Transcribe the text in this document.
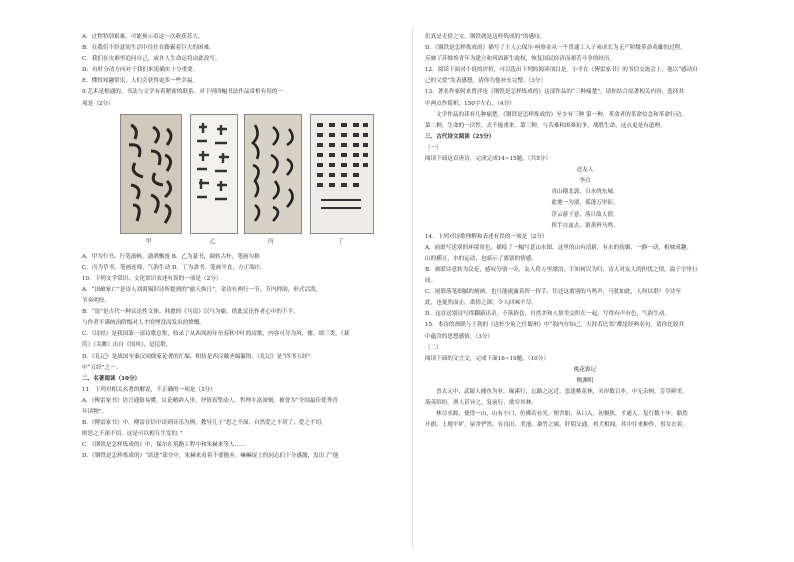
A．过程特别艰难，可能预示着这一次收获甚大。
B．在我们不经意间生活中往往在路霸着巨大的困难。
C．我们在灾难里追问自己，或许人生命运将由此改写。
D．有时分清方向对于我们来说确实十分重要。
E．懂得知趣常乐，人们会获得更多一些幸福。
9.艺术是相通的，书法与文学有着紧密的联系。对下列四幅书法作品赏析有误的一
项是（2分）
甲	乙	丙	丁
A．甲为行书，行笔流畅，潇洒飘逸 B．乙为篆书，圆转古朴，笔画匀称
C．丙为草书，笔画连绵，气韵生动 D．丁为隶书，笔画平直，方正端庄。
10．下列文学常识、文化常识表述有误的一项是（2分）
A．“国破家亡”是诗人刘禹锡旧诗所提到的“偷天换日”，金诗有两行一节，节内押韵，形式活泼，
节奏明快。
B．“说”是古代一种议论性文体，韩愈的《马说》以马为喻，借此议论作者心中的不平，
与作者不满统治阶级对人才的埋没而发出的愤慨。
C．《诗经》是我国第一部诗歌总集，收录了从西周初年至春秋中叶的诗歌，内容可分为风、雅、颂三类。《蒹
葭》《关雎》出自《国风》，是民歌。
D．《礼记》是战国至秦汉间儒家论著的汇编，相传是西汉戴圣编纂的。《礼记》是“四书五经”
中“五经”之一。
二、名著阅读（10分）
11．下列对相关名著的解说，不正确的一项是（3分）
A．《傅雷家书》语言通俗易懂，议论精辟入里，抒情真挚动人，哲理丰富深刻，被誉为“全国最佳优秀青
年读物”。
B．《傅雷家书》中，傅雷在信中谈到音乐为例，教导儿子“思之不深，自然爱之不切了；爱之不切，
则思之不深不切，这是可以相互生发的。”
C．《钢铁是怎样炼成的》中，保尔在筑路工程中和朱赫来等人……
D．《钢铁是怎样炼成的》“跃进”部分中，朱赫来看着不要抛弃，嘛嘛捉士的同志们十分感激，发出了“他
们真是无价之宝，钢铁就是这样炼成的”的感叹。
D．《钢铁是怎样炼成的》描写了主人公保尔·柯察金从一个普通工人子弟成长为无产阶级革命英雄的过程，
反映了苏维埃青年为建立和巩固新生政权，恢复国民经济而艰苦斗争的经历。
12．阅读下面对小说的评价，可以选出下列的阅读项目是。小平在《傅雷家书》的书信交流会上，他以“感动自
己的父爱”发表感想，请你为他补充完整。（3分）
13．著名作家阿来曾评论《钢铁是怎样炼成的》这部作品的“三种痛楚”，请你结合原著相关内容，选择其
中两点作简析，150字左右。（4分）
文学作品的读有几种痛楚。《钢铁是怎样炼成的》至少有三种 第一种，革命者的革命信念和革命行动。
第二种，生命的一次性，去不能重来。第三种，与苦难和困难抗争，战胜生命，这点更是有道理。
三、古代诗文阅读（25分）
（一）
阅读下面这首唐诗，完成完成14~15题。（共5分）
送友人
李白
青山横北郭，白水绕东城。
此地一为别，孤蓬万里征。
浮云游子意，落日故人情。
挥手自兹去，萧萧班马鸣。
14．下列对诗歌理解和表述有误的一项是（2分）
A．前联写送别的环境景色，描绘了一幅写意山水图。这里的山有清新，有水的妩媚，一静一动，相映成趣。
山的横亘，水的运动，也暗示了离别的情感。
B．颔联诗意转为议论，感叹分别一旁，友人将万里漂泊，不知何以为归，诗人对友人的担忧之情，溢于字里行
间。
C．尾联落笔细腻的刻画，也只能流露着挥一挥手，往还这离别的马鸣声，马犹如此，人何以堪？全诗至
此，也戛然而止，离情之深，令人回味不尽。
D．这首送别诗写得翻新出奇，不落俗套，自然美和人情美交织在一起，写得有声有色，气韵生动。
15．本诗的颈联与王勃的《送杜少府之任蜀州》中“海内存知己，天涯若比邻”都是经典名句，请你比较其
中蕴含的思想感情。（3分）
（二）
阅读下面的文言文，完成下面16~19题。（10分）
桃花源记
陶渊明
晋太元中，武陵人捕鱼为业。缘溪行，忘路之远近。忽逢桃花林，夹岸数百步，中无杂树，芳草鲜美，
落英缤纷。渔人甚异之，复前行，欲穷其林。
林尽水源，便得一山，山有小口，仿佛若有光。便舍船，从口入。初极狭，才通人。复行数十步，豁然
开朗。土地平旷，屋舍俨然，有良田、美池、桑竹之属。阡陌交通，鸡犬相闻。其中往来种作，男女衣着，
